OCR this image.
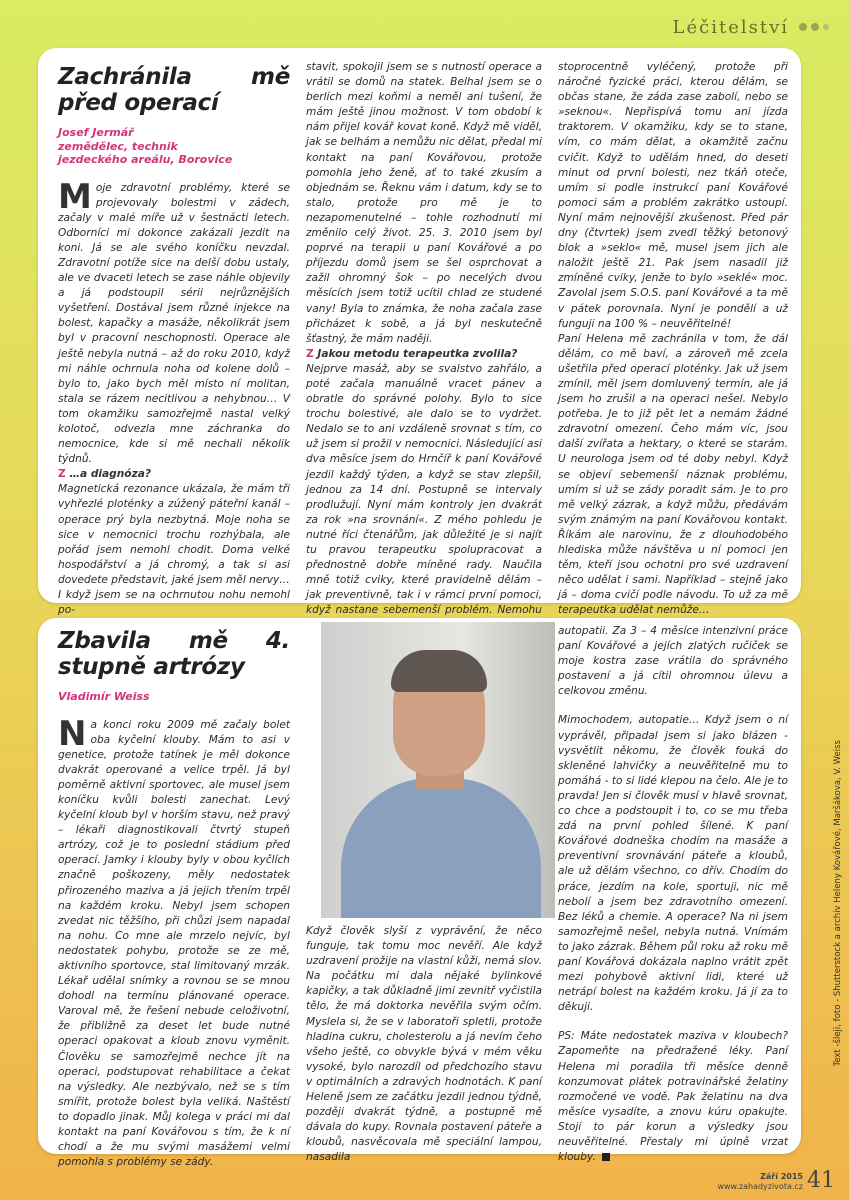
Léčitelství
Zachránila mě před operací
Josef Jermář
zemědělec, technik
jezdeckého areálu, Borovice

Moje zdravotní problémy, které se projevovaly bolestmi v zádech, začaly v malé míře už v šestnácti letech. Odborníci mi dokonce zakázali jezdit na koni. Já se ale svého koníčku nevzdal. Zdravotní potíže sice na delší dobu ustaly, ale ve dvaceti letech se zase náhle objevily a já podstoupil sérii nejrůznějších vyšetření. Dostával jsem různé injekce na bolest, kapačky a masáže, několikrát jsem byl v pracovní neschopnosti. Operace ale ještě nebyla nutná – až do roku 2010, když mi náhle ochrnula noha od kolene dolů – bylo to, jako bych měl místo ní molitan, stala se rázem necitlivou a nehybnou… V tom okamžiku samozřejmě nastal velký kolotoč, odvezla mne záchranka do nemocnice, kde si mě nechali několik týdnů.

Z …a diagnóza?

Magnetická rezonance ukázala, že mám tři vyhřezlé ploténky a zúžený páteřní kanál – operace prý byla nezbytná. Moje noha se sice v nemocnici trochu rozhýbala, ale pořád jsem nemohl chodit. Doma velké hospodářství a já chromý, a tak si asi dovedete představit, jaké jsem měl nervy…

I když jsem se na ochrnutou nohu nemohl po-

stavit, spokojil jsem se s nutností operace a vrátil se domů na statek. Belhal jsem se o berlích mezi koňmi a neměl ani tušení, že mám ještě jinou možnost. V tom období k nám přijel kovář kovat koně. Když mě viděl, jak se belhám a nemůžu nic dělat, předal mi kontakt na paní Kovářovou, protože pomohla jeho ženě, ať to také zkusím a objednám se. Řeknu vám i datum, kdy se to stalo, protože pro mě je to nezapomenutelné – tohle rozhodnutí mi změnilo celý život. 25. 3. 2010 jsem byl poprvé na terapii u paní Kovářové a po příjezdu domů jsem se šel osprchovat a zažil ohromný šok – po necelých dvou měsících jsem totiž ucítil chlad ze studené vany! Byla to známka, že noha začala zase přicházet k sobě, a já byl neskutečně šťastný, že mám naději.

Z Jakou metodu terapeutka zvolila?

Nejprve masáž, aby se svalstvo zahřálo, a poté začala manuálně vracet pánev a obratle do správné polohy. Bylo to sice trochu bolestivé, ale dalo se to vydržet. Nedalo se to ani vzdáleně srovnat s tím, co už jsem si prožil v nemocnici. Následující asi dva měsíce jsem do Hrnčíř k paní Kovářové jezdil každý týden, a když se stav zlepšil, jednou za 14 dní. Postupně se intervaly prodlužují. Nyní mám kontroly jen dvakrát za rok »na srovnání«. Z mého pohledu je nutné říci čtenářům, jak důležité je si najít tu pravou terapeutku spolupracovat a přednostně dobře míněné rady. Naučila mně totiž cviky, které pravidelně dělám – jak preventivně, tak i v rámci první pomoci, když nastane sebemenší problém. Nemohu

stoprocentně vyléčený, protože při náročné fyzické práci, kterou dělám, se občas stane, že záda zase zabolí, nebo se »seknou«. Nepřispívá tomu ani jízda traktorem. V okamžiku, kdy se to stane, vím, co mám dělat, a okamžitě začnu cvičit. Když to udělám hned, do deseti minut od první bolesti, nez tkáň oteče, umím si podle instrukcí paní Kovářové pomoci sám a problém zakrátko ustoupí. Nyní mám nejnovější zkušenost. Před pár dny (čtvrtek) jsem zvedl těžký betonový blok a »seklo« mě, musel jsem jich ale naložit ještě 21. Pak jsem nasadil již zmíněné cviky, jenže to bylo »seklé« moc. Zavolal jsem S.O.S. paní Kovářové a ta mě v pátek porovnala. Nyní je pondělí a už funguji na 100 % – neuvěřitelné!

Paní Helena mě zachránila v tom, že dál dělám, co mě baví, a zároveň mě zcela ušetřila před operací ploténky. Jak už jsem zmínil, měl jsem domluvený termín, ale já jsem ho zrušil a na operaci nešel. Nebylo potřeba. Je to již pět let a nemám žádné zdravotní omezení. Čeho mám víc, jsou další zvířata a hektary, o které se starám. U neurologa jsem od té doby nebyl. Když se objeví sebemenší náznak problému, umím si už se zády poradit sám. Je to pro mě velký zázrak, a když můžu, předávám svým známým na paní Kovářovou kontakt. Říkám ale narovinu, že z dlouhodobého hlediska může návštěva u ní pomoci jen těm, kteří jsou ochotni pro své uzdravení něco udělat i sami. Například – stejně jako já – doma cvičí podle návodu. To už za mě terapeutka udělat nemůže…

Zbavila mě 4. stupně artrózy
Vladimír Weiss

Na konci roku 2009 mě začaly bolet oba kyčelní klouby. Mám to asi v genetice, protože tatínek je měl dokonce dvakrát operované a velice trpěl. Já byl poměrně aktivní sportovec, ale musel jsem koníčku kvůli bolesti zanechat. Levý kyčelní kloub byl v horším stavu, než pravý – lékaři diagnostikovali čtvrtý stupeň artrózy, což je to poslední stádium před operací. Jamky i klouby byly v obou kyčlích značně poškozeny, měly nedostatek přirozeného maziva a já jejich třením trpěl na každém kroku. Nebyl jsem schopen zvedat nic těžšího, při chůzi jsem napadal na nohu. Co mne ale mrzelo nejvíc, byl nedostatek pohybu, protože se ze mě, aktivního sportovce, stal limitovaný mrzák. Lékař udělal snímky a rovnou se se mnou dohodl na termínu plánované operace. Varoval mě, že řešení nebude celoživotní, že přibližně za deset let bude nutné operaci opakovat a kloub znovu vyměnit. Člověku se samozřejmě nechce jít na operaci, podstupovat rehabilitace a čekat na výsledky. Ale nezbývalo, než se s tím smířit, protože bolest byla veliká. Naštěstí to dopadlo jinak. Můj kolega v práci mi dal kontakt na paní Kovářovou s tím, že k ní chodí a že mu svými masážemi velmi pomohla s problémy se zády.

Když člověk slyší z vyprávění, že něco funguje, tak tomu moc nevěří. Ale když uzdravení prožije na vlastní kůži, nemá slov. Na počátku mi dala nějaké bylinkové kapičky, a tak důkladně jimi zevnitř vyčistila tělo, že má doktorka nevěřila svým očím. Myslela si, že se v laboratoři spletli, protože hladina cukru, cholesterolu a já nevím čeho všeho ještě, co obvykle bývá v mém věku vysoké, bylo narozdíl od předchozího stavu v optimálních a zdravých hodnotách. K paní Heleně jsem ze začátku jezdil jednou týdně, později dvakrát týdně, a postupně mě dávala do kupy. Rovnala postavení páteře a kloubů, nasvěcovala mě speciální lampou, nasadila

autopatii. Za 3 – 4 měsíce intenzivní práce paní Kovářové a jejích zlatých ručiček se moje kostra zase vrátila do správného postavení a já cítil ohromnou úlevu a celkovou změnu.

Mimochodem, autopatie… Když jsem o ní vyprávěl, připadal jsem si jako blázen - vysvětlit někomu, že člověk fouká do skleněné lahvičky a neuvěřitelně mu to pomáhá - to si lidé klepou na čelo. Ale je to pravda! Jen si člověk musí v hlavě srovnat, co chce a podstoupit i to, co se mu třeba zdá na první pohled šílené. K paní Kovářové dodneška chodím na masáže a preventivní srovnávání páteře a kloubů, ale už dělám všechno, co dřív. Chodím do práce, jezdím na kole, sportuji, nic mě nebolí a jsem bez zdravotního omezení. Bez léků a chemie. A operace? Na ni jsem samozřejmě nešel, nebyla nutná. Vnímám to jako zázrak. Během půl roku až roku mě paní Kovářová dokázala naplno vrátit zpět mezi pohybově aktivní lidi, které už netrápí bolest na každém kroku. Já jí za to děkuji.

PS: Máte nedostatek maziva v kloubech? Zapomeňte na předražené léky. Paní Helena mi poradila tři měsíce denně konzumovat plátek potravinářské želatiny rozmočené ve vodě. Pak želatinu na dva měsíce vysadíte, a znovu kúru opakujte. Stojí to pár korun a výsledky jsou neuvěřitelné. Přestaly mi úplně vrzat klouby.

Text -šleji, foto - Shutterstock a archiv Heleny Kovářové, Maršákova, V. Weiss
Září 2015
www.zahadyzivota.cz 41
